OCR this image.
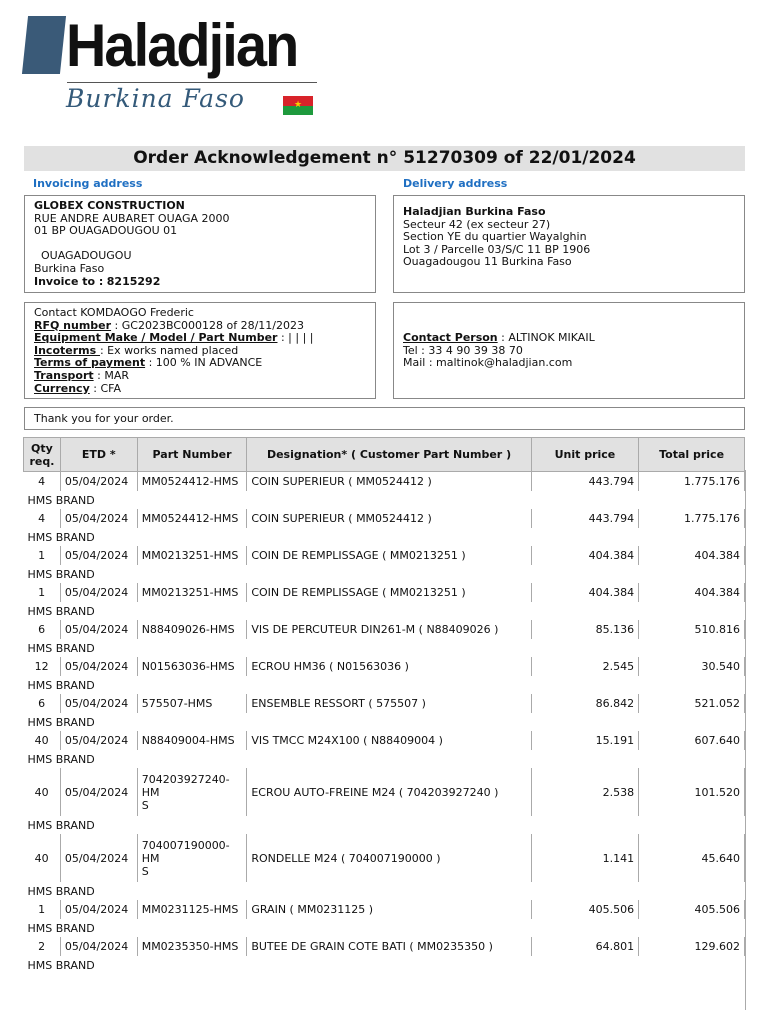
Haladjian
Burkina Faso	★
Order Acknowledgement n° 51270309 of 22/01/2024
Invoicing address	Delivery address
GLOBEX CONSTRUCTION
RUE ANDRE AUBARET OUAGA 2000
01 BP OUAGADOUGOU 01
OUAGADOUGOU
Burkina Faso
Invoice to : 8215292
Haladjian Burkina Faso
Secteur 42 (ex secteur 27)
Section YE du quartier Wayalghin
Lot 3 / Parcelle 03/S/C 11 BP 1906
Ouagadougou 11 Burkina Faso
Contact KOMDAOGO Frederic
RFQ number : GC2023BC000128 of 28/11/2023
Equipment Make / Model / Part Number : | | | |
Incoterms : Ex works named placed
Terms of payment : 100 % IN ADVANCE
Transport : MAR
Currency : CFA
Contact Person : ALTINOK MIKAIL
Tel : 33 4 90 39 38 70
Mail : maltinok@haladjian.com
Thank you for your order.
Qty req.	ETD *	Part Number	Designation* ( Customer Part Number )	Unit price	Total price
4	05/04/2024	MM0524412-HMS	COIN SUPERIEUR ( MM0524412 )	443.794	1.775.176
HMS BRAND					
4	05/04/2024	MM0524412-HMS	COIN SUPERIEUR ( MM0524412 )	443.794	1.775.176
HMS BRAND					
1	05/04/2024	MM0213251-HMS	COIN DE REMPLISSAGE ( MM0213251 )	404.384	404.384
HMS BRAND					
1	05/04/2024	MM0213251-HMS	COIN DE REMPLISSAGE ( MM0213251 )	404.384	404.384
HMS BRAND					
6	05/04/2024	N88409026-HMS	VIS DE PERCUTEUR DIN261-M ( N88409026 )	85.136	510.816
HMS BRAND					
12	05/04/2024	N01563036-HMS	ECROU HM36 ( N01563036 )	2.545	30.540
HMS BRAND					
6	05/04/2024	575507-HMS	ENSEMBLE RESSORT ( 575507 )	86.842	521.052
HMS BRAND					
40	05/04/2024	N88409004-HMS	VIS TMCC M24X100 ( N88409004 )	15.191	607.640
HMS BRAND					
40	05/04/2024	704203927240-HM
S	ECROU AUTO-FREINE M24 ( 704203927240 )	2.538	101.520
HMS BRAND					
40	05/04/2024	704007190000-HM
S	RONDELLE M24 ( 704007190000 )	1.141	45.640
HMS BRAND					
1	05/04/2024	MM0231125-HMS	GRAIN ( MM0231125 )	405.506	405.506
HMS BRAND					
2	05/04/2024	MM0235350-HMS	BUTEE DE GRAIN COTE BATI ( MM0235350 )	64.801	129.602
HMS BRAND					
